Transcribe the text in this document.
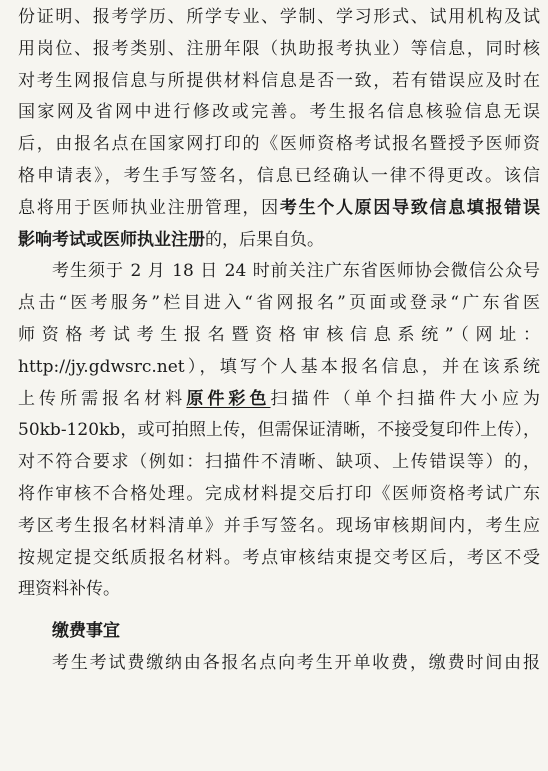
份证明、报考学历、所学专业、学制、学习形式、试用机构及试
用岗位、报考类别、注册年限（执助报考执业）等信息，同时核
对考生网报信息与所提供材料信息是否一致，若有错误应及时在
国家网及省网中进行修改或完善。考生报名信息核验信息无误
后，由报名点在国家网打印的《医师资格考试报名暨授予医师资
格申请表》，考生手写签名，信息已经确认一律不得更改。该信
息将用于医师执业注册管理，因考生个人原因导致信息填报错误
影响考试或医师执业注册的，后果自负。
考生须于 2 月 18 日 24 时前关注广东省医师协会微信公众号
点击“医考服务”栏目进入“省网报名”页面或登录“广东省医
师资格考试考生报名暨资格审核信息系统”（网址：
http://jy.gdwsrc.net），填写个人基本报名信息，并在该系统
上传所需报名材料原件彩色扫描件（单个扫描件大小应为
50kb-120kb，或可拍照上传，但需保证清晰，不接受复印件上传），
对不符合要求（例如：扫描件不清晰、缺项、上传错误等）的，
将作审核不合格处理。完成材料提交后打印《医师资格考试广东
考区考生报名材料清单》并手写签名。现场审核期间内，考生应
按规定提交纸质报名材料。考点审核结束提交考区后，考区不受
理资料补传。
缴费事宜
考生考试费缴纳由各报名点向考生开单收费，缴费时间由报
